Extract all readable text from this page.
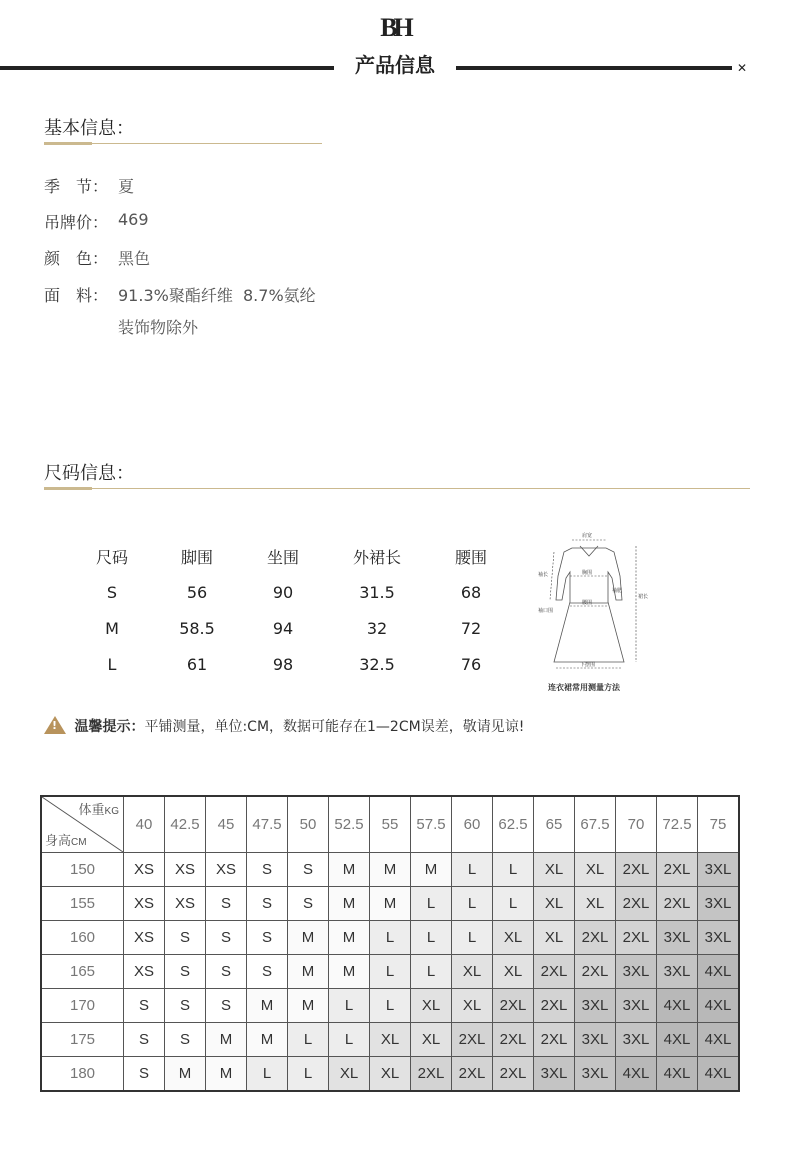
BH
产品信息	✕
基本信息：
季　节： 夏
吊牌价： 469
颜　色： 黑色
面　料： 91.3%聚酯纤维  8.7%氨纶
装饰物除外
尺码信息：
尺码	脚围	坐围	外裙长	腰围
S	56	90	31.5	68
M	58.5	94	32	72
L	61	98	32.5	76
肩宽
袖长	胸围
袖肥
裙长
腰围
袖口围
下摆围
连衣裙常用测量方法
! 温馨提示：平铺测量，单位:CM，数据可能存在1—2CM误差，敬请见谅!
体重KG
身高CM	40	42.5	45	47.5	50	52.5	55	57.5	60	62.5	65	67.5	70	72.5	75
150	XS	XS	XS	S	S	M	M	M	L	L	XL	XL	2XL	2XL	3XL
155	XS	XS	S	S	S	M	M	L	L	L	XL	XL	2XL	2XL	3XL
160	XS	S	S	S	M	M	L	L	L	XL	XL	2XL	2XL	3XL	3XL
165	XS	S	S	S	M	M	L	L	XL	XL	2XL	2XL	3XL	3XL	4XL
170	S	S	S	M	M	L	L	XL	XL	2XL	2XL	3XL	3XL	4XL	4XL
175	S	S	M	M	L	L	XL	XL	2XL	2XL	2XL	3XL	3XL	4XL	4XL
180	S	M	M	L	L	XL	XL	2XL	2XL	2XL	3XL	3XL	4XL	4XL	4XL
